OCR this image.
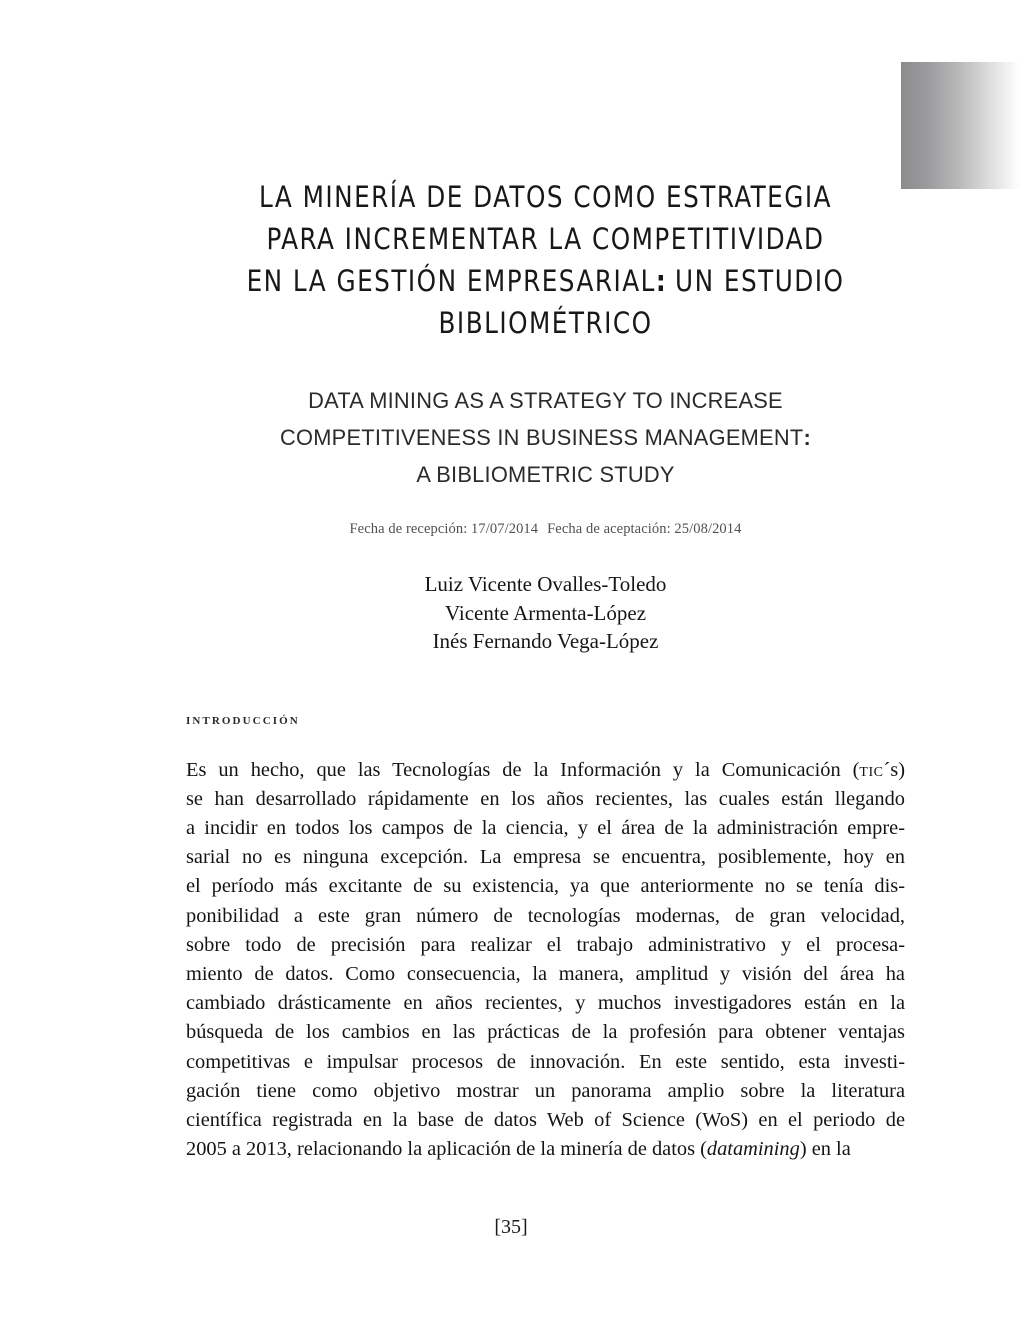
LA MINERÍA DE DATOS COMO ESTRATEGIA
PARA INCREMENTAR LA COMPETITIVIDAD
EN LA GESTIÓN EMPRESARIAL: UN ESTUDIO
BIBLIOMÉTRICO
DATA MINING AS A STRATEGY TO INCREASE
COMPETITIVENESS IN BUSINESS MANAGEMENT:
A BIBLIOMETRIC STUDY

Fecha de recepción: 17/07/2014 Fecha de aceptación: 25/08/2014

Luiz Vicente Ovalles-Toledo
Vicente Armenta-López
Inés Fernando Vega-López
introducción
Es un hecho, que las Tecnologías de la Información y la Comunicación (tic´s)
se han desarrollado rápidamente en los años recientes, las cuales están llegando
a incidir en todos los campos de la ciencia, y el área de la administración empre-
sarial no es ninguna excepción. La empresa se encuentra, posiblemente, hoy en
el período más excitante de su existencia, ya que anteriormente no se tenía dis-
ponibilidad a este gran número de tecnologías modernas, de gran velocidad,
sobre todo de precisión para realizar el trabajo administrativo y el procesa-
miento de datos. Como consecuencia, la manera, amplitud y visión del área ha
cambiado drásticamente en años recientes, y muchos investigadores están en la
búsqueda de los cambios en las prácticas de la profesión para obtener ventajas
competitivas e impulsar procesos de innovación. En este sentido, esta investi-
gación tiene como objetivo mostrar un panorama amplio sobre la literatura
científica registrada en la base de datos Web of Science (WoS) en el periodo de
2005 a 2013, relacionando la aplicación de la minería de datos (datamining) en la
[35]
